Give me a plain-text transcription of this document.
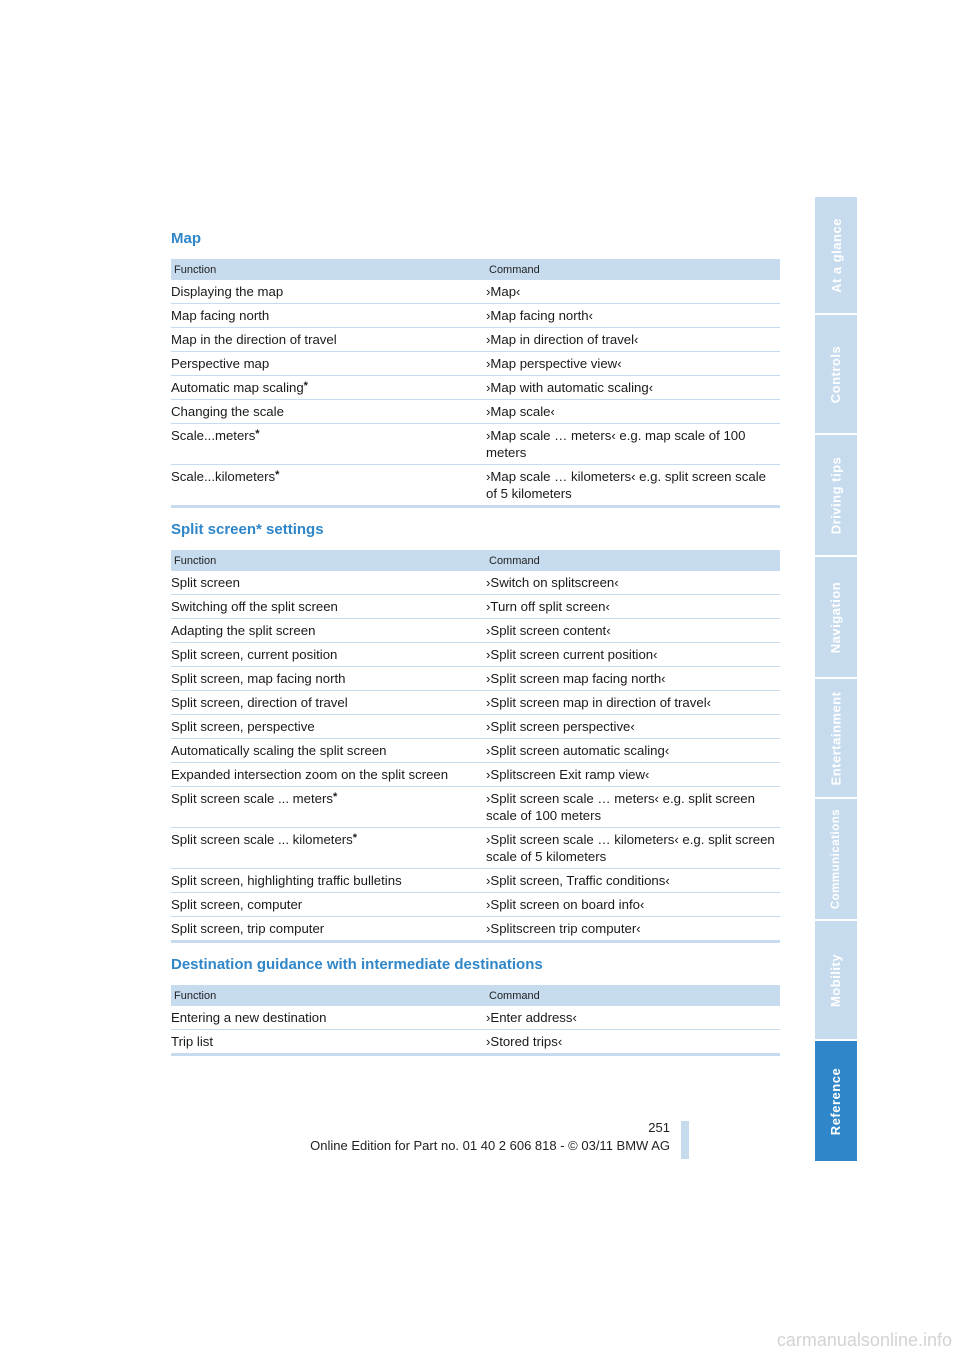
Map
Function	Command
Displaying the map	›Map‹
Map facing north	›Map facing north‹
Map in the direction of travel	›Map in direction of travel‹
Perspective map	›Map perspective view‹
Automatic map scaling*	›Map with automatic scaling‹
Changing the scale	›Map scale‹
Scale...meters*	›Map scale … meters‹ e.g. map scale of 100 meters
Scale...kilometers*	›Map scale … kilometers‹ e.g. split screen scale of 5 kilometers
Split screen* settings
Function	Command
Split screen	›Switch on splitscreen‹
Switching off the split screen	›Turn off split screen‹
Adapting the split screen	›Split screen content‹
Split screen, current position	›Split screen current position‹
Split screen, map facing north	›Split screen map facing north‹
Split screen, direction of travel	›Split screen map in direction of travel‹
Split screen, perspective	›Split screen perspective‹
Automatically scaling the split screen	›Split screen automatic scaling‹
Expanded intersection zoom on the split screen	›Splitscreen Exit ramp view‹
Split screen scale ... meters*	›Split screen scale … meters‹ e.g. split screen scale of 100 meters
Split screen scale ... kilometers*	›Split screen scale … kilometers‹ e.g. split screen scale of 5 kilometers
Split screen, highlighting traffic bulletins	›Split screen, Traffic conditions‹
Split screen, computer	›Split screen on board info‹
Split screen, trip computer	›Splitscreen trip computer‹
Destination guidance with intermediate destinations
Function	Command
Entering a new destination	›Enter address‹
Trip list	›Stored trips‹
At a glance
Controls
Driving tips
Navigation
Entertainment
Communications
Mobility
Reference
251
Online Edition for Part no. 01 40 2 606 818 - © 03/11 BMW AG
carmanualsonline.info
